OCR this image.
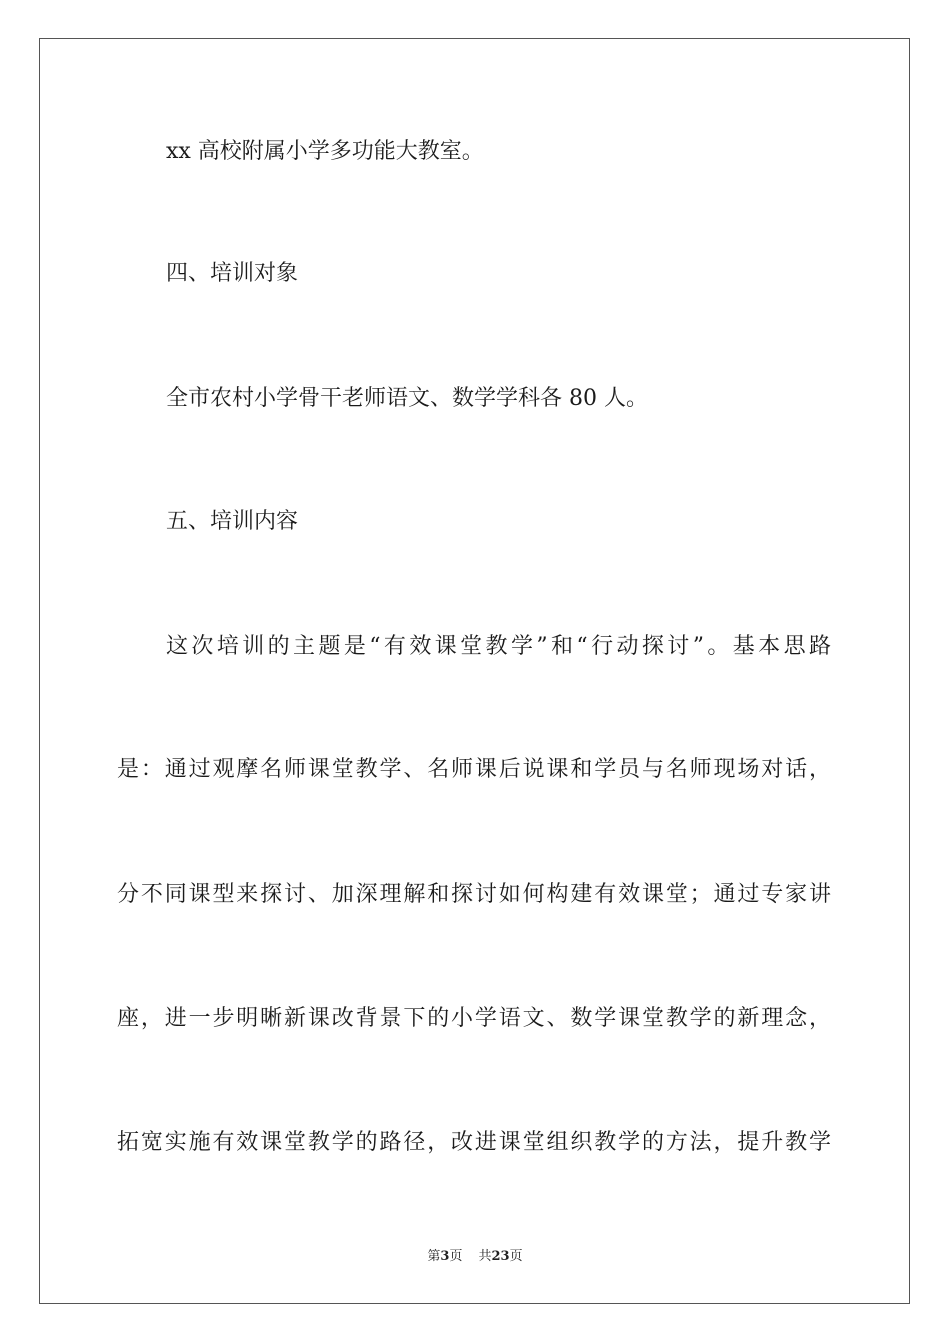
xx 高校附属小学多功能大教室。

四、培训对象

全市农村小学骨干老师语文、数学学科各 80 人。

五、培训内容

这次培训的主题是“有效课堂教学”和“行动探讨”。基本思路

是：通过观摩名师课堂教学、名师课后说课和学员与名师现场对话，

分不同课型来探讨、加深理解和探讨如何构建有效课堂；通过专家讲

座，进一步明晰新课改背景下的小学语文、数学课堂教学的新理念，

拓宽实施有效课堂教学的路径，改进课堂组织教学的方法，提升教学

第3页 共23页
